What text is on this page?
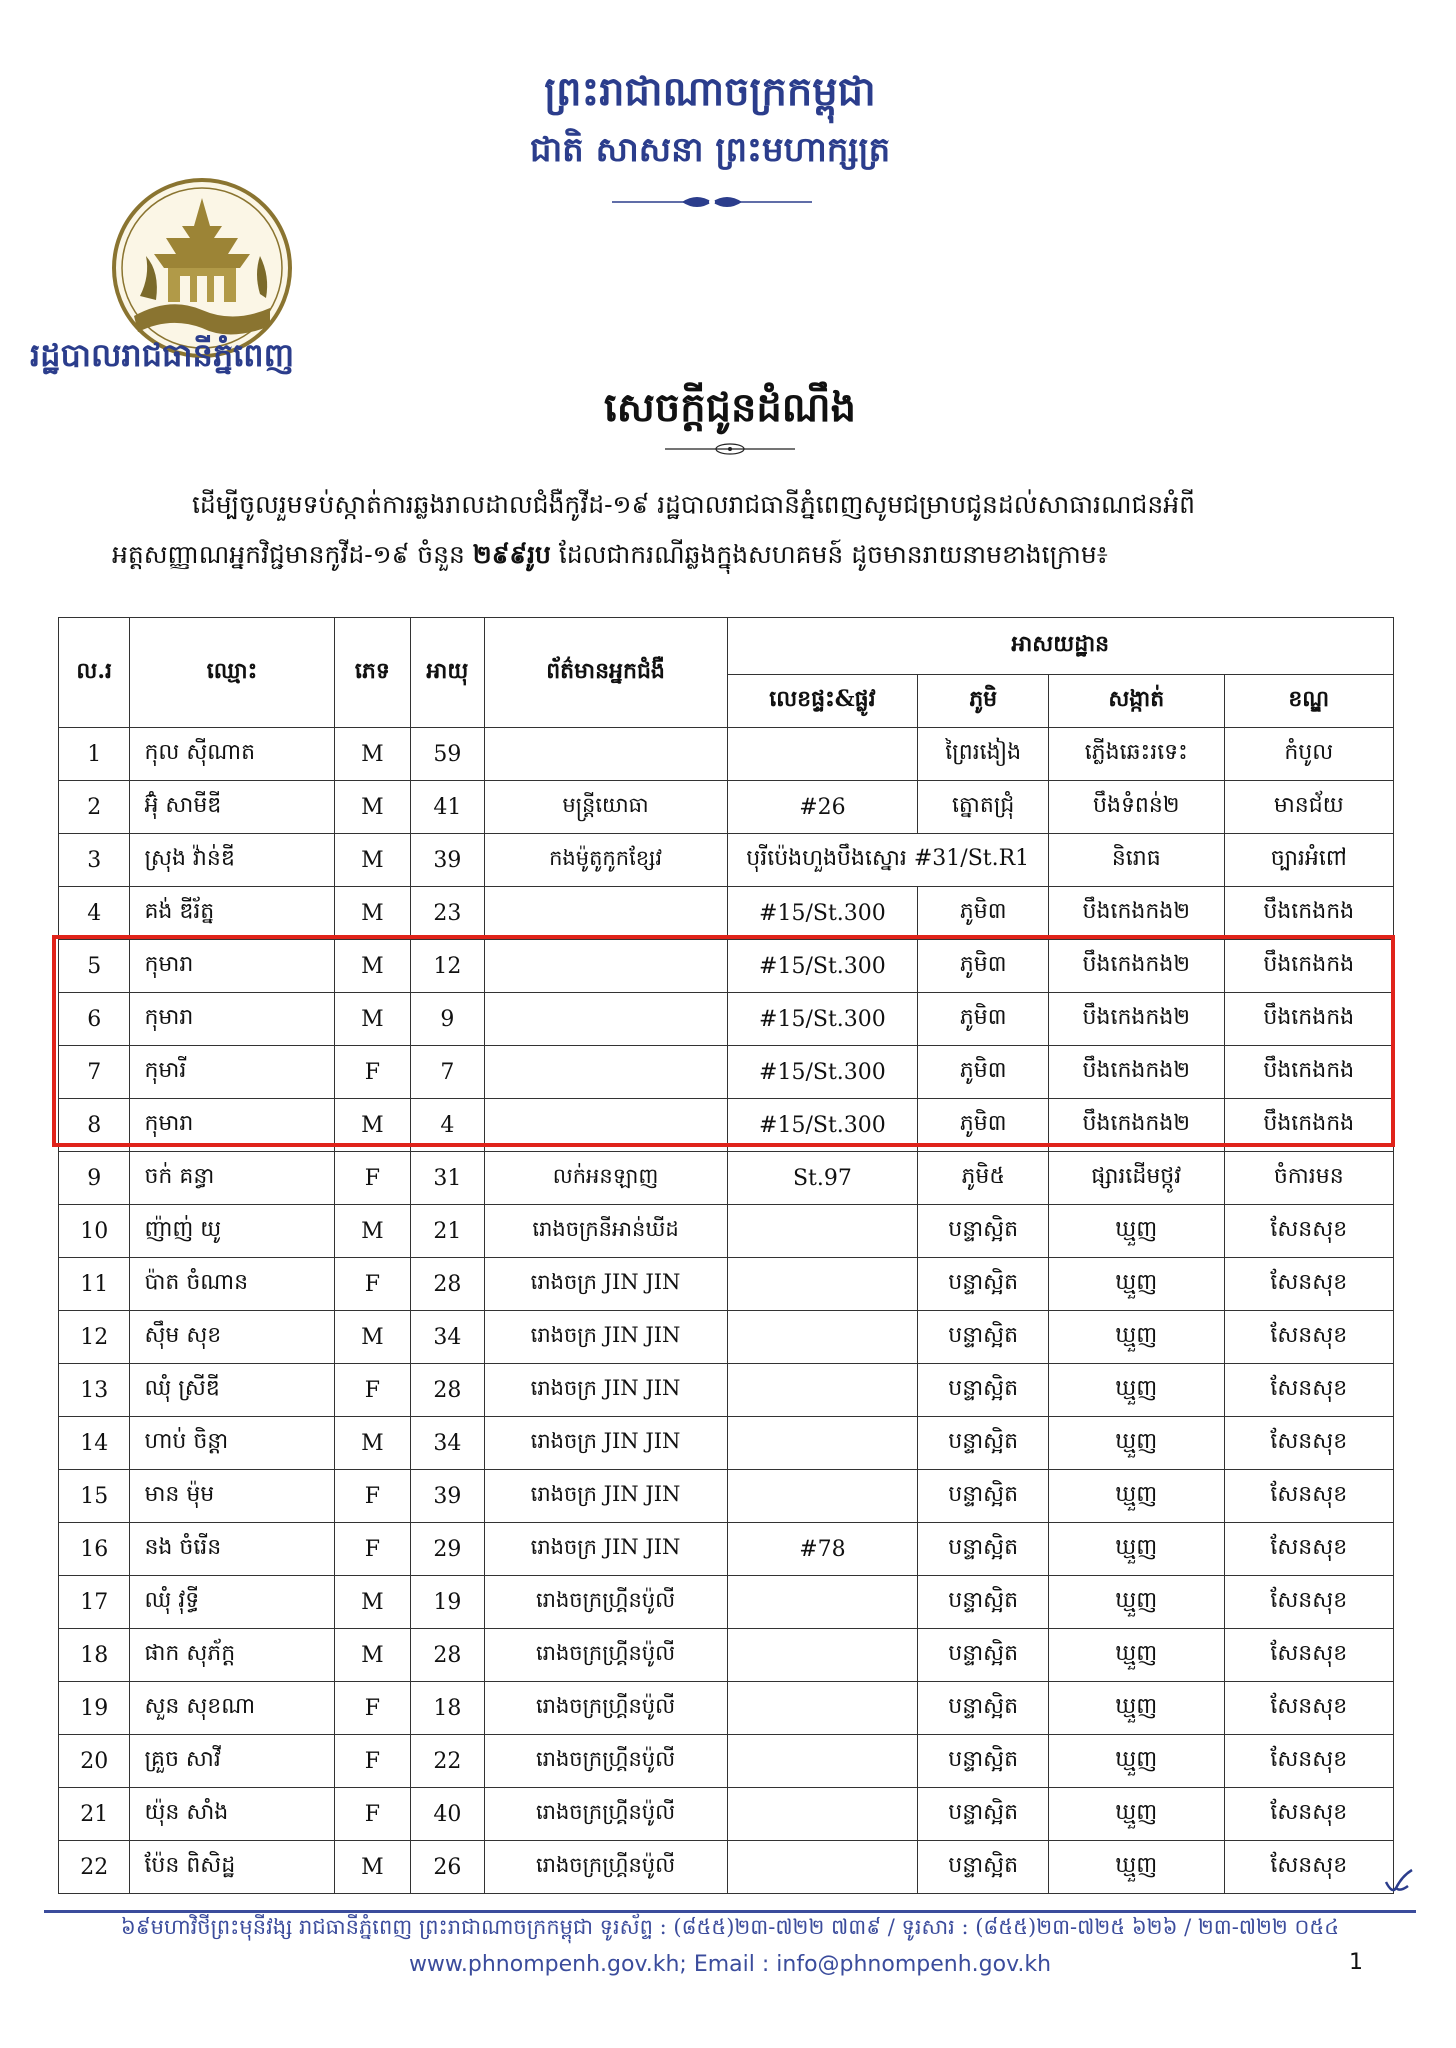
ព្រះរាជាណាចក្រកម្ពុជា
ជាតិ សាសនា ព្រះមហាក្សត្រ
រដ្ឋបាលរាជធានីភ្នំពេញ
សេចក្តីជូនដំណឹង
ដើម្បីចូលរួមទប់ស្កាត់ការឆ្លងរាលដាលជំងឺកូវីដ-១៩ រដ្ឋបាលរាជធានីភ្នំពេញសូមជម្រាបជូនដល់សាធារណជនអំពី
អត្តសញ្ញាណអ្នកវិជ្ជមានកូវីដ-១៩ ចំនួន ២៩៩រូប ដែលជាករណីឆ្លងក្នុងសហគមន៍ ដូចមានរាយនាមខាងក្រោម៖
ល.រ	ឈ្មោះ	ភេទ	អាយុ	ព័ត៌មានអ្នកជំងឺ	អាសយដ្ឋាន			
					លេខផ្ទះ&ផ្លូវ	ភូមិ	សង្កាត់	ខណ្ឌ
1	កុល ស៊ីណាត	M	59			ព្រៃរងៀង	ភ្លើងឆេះរទេះ	កំបូល
2	អ៊ុំ សាមីឌី	M	41	មន្ត្រីយោធា	#26	ត្នោតជ្រុំ	បឹងទំពន់២	មានជ័យ
3	ស្រុង វ៉ាន់ឌី	M	39	កងម៉ូតូកូកខ្សែវ	បុរីប៉េងហួងបឹងស្នោរ #31/St.R1		និរោធ	ច្បារអំពៅ
4	គង់ ឌីរ័ត្ន	M	23		#15/St.300	ភូមិ៣	បឹងកេងកង២	បឹងកេងកង
5	កុមារា	M	12		#15/St.300	ភូមិ៣	បឹងកេងកង២	បឹងកេងកង
6	កុមារា	M	9		#15/St.300	ភូមិ៣	បឹងកេងកង២	បឹងកេងកង
7	កុមារី	F	7		#15/St.300	ភូមិ៣	បឹងកេងកង២	បឹងកេងកង
8	កុមារា	M	4		#15/St.300	ភូមិ៣	បឹងកេងកង២	បឹងកេងកង
9	ចក់ គន្ធា	F	31	លក់អនឡាញ	St.97	ភូមិ៥	ផ្សារដើមថ្កូវ	ចំការមន
10	ញ៉ាញ់ យូ	M	21	រោងចក្រនីអាន់ឃីដ		បន្ទាស្អិត	ឃ្មួញ	សែនសុខ
11	ប៉ាត ចំណាន	F	28	រោងចក្រ JIN JIN		បន្ទាស្អិត	ឃ្មួញ	សែនសុខ
12	ស៊ឹម សុខ	M	34	រោងចក្រ JIN JIN		បន្ទាស្អិត	ឃ្មួញ	សែនសុខ
13	ឈុំ ស្រីឌី	F	28	រោងចក្រ JIN JIN		បន្ទាស្អិត	ឃ្មួញ	សែនសុខ
14	ហាប់ ចិន្តា	M	34	រោងចក្រ JIN JIN		បន្ទាស្អិត	ឃ្មួញ	សែនសុខ
15	មាន ម៉ុម	F	39	រោងចក្រ JIN JIN		បន្ទាស្អិត	ឃ្មួញ	សែនសុខ
16	នង ចំរើន	F	29	រោងចក្រ JIN JIN	#78	បន្ទាស្អិត	ឃ្មួញ	សែនសុខ
17	ឈុំ វុទ្ធី	M	19	រោងចក្រហ្គ្រីនប៉ូលី		បន្ទាស្អិត	ឃ្មួញ	សែនសុខ
18	ផាក សុភ័ក្ត	M	28	រោងចក្រហ្គ្រីនប៉ូលី		បន្ទាស្អិត	ឃ្មួញ	សែនសុខ
19	សួន សុខណា	F	18	រោងចក្រហ្គ្រីនប៉ូលី		បន្ទាស្អិត	ឃ្មួញ	សែនសុខ
20	គ្រួច សាវី	F	22	រោងចក្រហ្គ្រីនប៉ូលី		បន្ទាស្អិត	ឃ្មួញ	សែនសុខ
21	យ៉ុន សាំង	F	40	រោងចក្រហ្គ្រីនប៉ូលី		បន្ទាស្អិត	ឃ្មួញ	សែនសុខ
22	ប៉ែន ពិសិដ្ឋ	M	26	រោងចក្រហ្គ្រីនប៉ូលី		បន្ទាស្អិត	ឃ្មួញ	សែនសុខ
៦៩មហាវិថីព្រះមុនីវង្ស រាជធានីភ្នំពេញ ព្រះរាជាណាចក្រកម្ពុជា ទូរស័ព្ទ : (៨៥៥)២៣-៧២២ ៧៣៩ / ទូរសារ : (៨៥៥)២៣-៧២៥ ៦២៦ / ២៣-៧២២ ០៥៤
www.phnompenh.gov.kh; Email : info@phnompenh.gov.kh	1
